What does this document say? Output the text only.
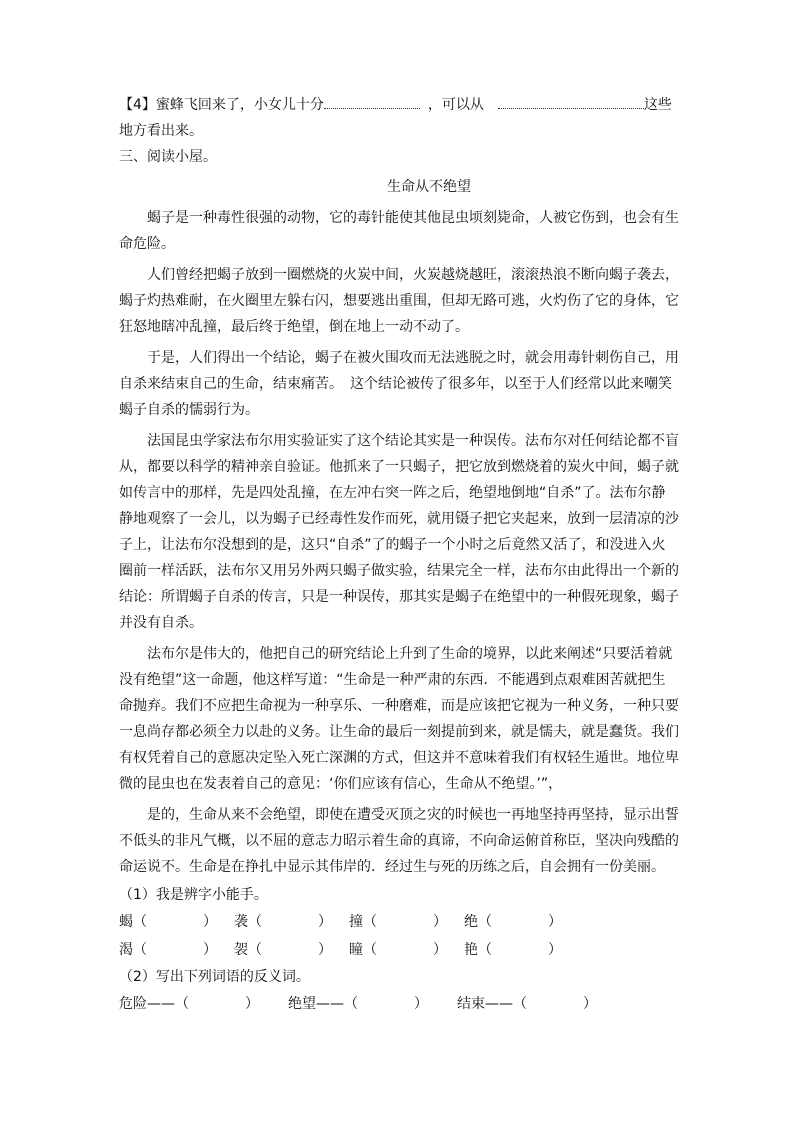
【4】蜜蜂飞回来了，小女儿十分	，可以从	这些
地方看出来。
三、阅读小屋。
生命从不绝望
蝎子是一种毒性很强的动物，它的毒针能使其他昆虫顷刻毙命，人被它伤到，也会有生
命危险。
人们曾经把蝎子放到一圈燃烧的火炭中间，火炭越烧越旺，滚滚热浪不断向蝎子袭去，
蝎子灼热难耐，在火圈里左躲右闪，想要逃出重围，但却无路可逃，火灼伤了它的身体，它
狂怒地瞎冲乱撞，最后终于绝望，倒在地上一动不动了。
于是，人们得出一个结论，蝎子在被火围攻而无法逃脱之时，就会用毒针刺伤自己，用
自杀来结束自己的生命，结束痛苦。　这个结论被传了很多年，以至于人们经常以此来嘲笑
蝎子自杀的懦弱行为。
法国昆虫学家法布尔用实验证实了这个结论其实是一种误传。法布尔对任何结论都不盲
从，都要以科学的精神亲自验证。他抓来了一只蝎子，把它放到燃烧着的炭火中间，蝎子就
如传言中的那样，先是四处乱撞，在左冲右突一阵之后，绝望地倒地“自杀”了。法布尔静
静地观察了一会儿，以为蝎子已经毒性发作而死，就用镊子把它夹起来，放到一层清凉的沙
子上，让法布尔没想到的是，这只“自杀”了的蝎子一个小时之后竟然又活了，和没进入火
圈前一样活跃，法布尔又用另外两只蝎子做实验，结果完全一样，法布尔由此得出一个新的
结论：所谓蝎子自杀的传言，只是一种误传，那其实是蝎子在绝望中的一种假死现象，蝎子
并没有自杀。
法布尔是伟大的，他把自己的研究结论上升到了生命的境界，以此来阐述“只要活着就
没有绝望”这一命题，他这样写道：“生命是一种严肃的东西．不能遇到点艰难困苦就把生
命抛弃。我们不应把生命视为一种享乐、一种磨难，而是应该把它视为一种义务，一种只要
一息尚存都必须全力以赴的义务。让生命的最后一刻提前到来，就是懦夫，就是蠢货。我们
有权凭着自己的意愿决定坠入死亡深渊的方式，但这并不意味着我们有权轻生遁世。地位卑
微的昆虫也在发表着自己的意见：‘你们应该有信心，生命从不绝望。’”，
是的，生命从来不会绝望，即使在遭受灭顶之灾的时候也一再地坚持再坚持，显示出誓
不低头的非凡气概，以不屈的意志力昭示着生命的真谛，不向命运俯首称臣，坚决向残酷的
命运说不。生命是在挣扎中显示其伟岸的．经过生与死的历练之后，自会拥有一份美丽。
（1）我是辨字小能手。
蝎（　　　　）	袭（　　　　）	撞（　　　　）	绝（　　　　）
渴（　　　　）	袈（　　　　）	瞳（　　　　）	艳（　　　　）
（2）写出下列词语的反义词。
危险——（　　　　）	绝望——（　　　　）	结束——（　　　　）
